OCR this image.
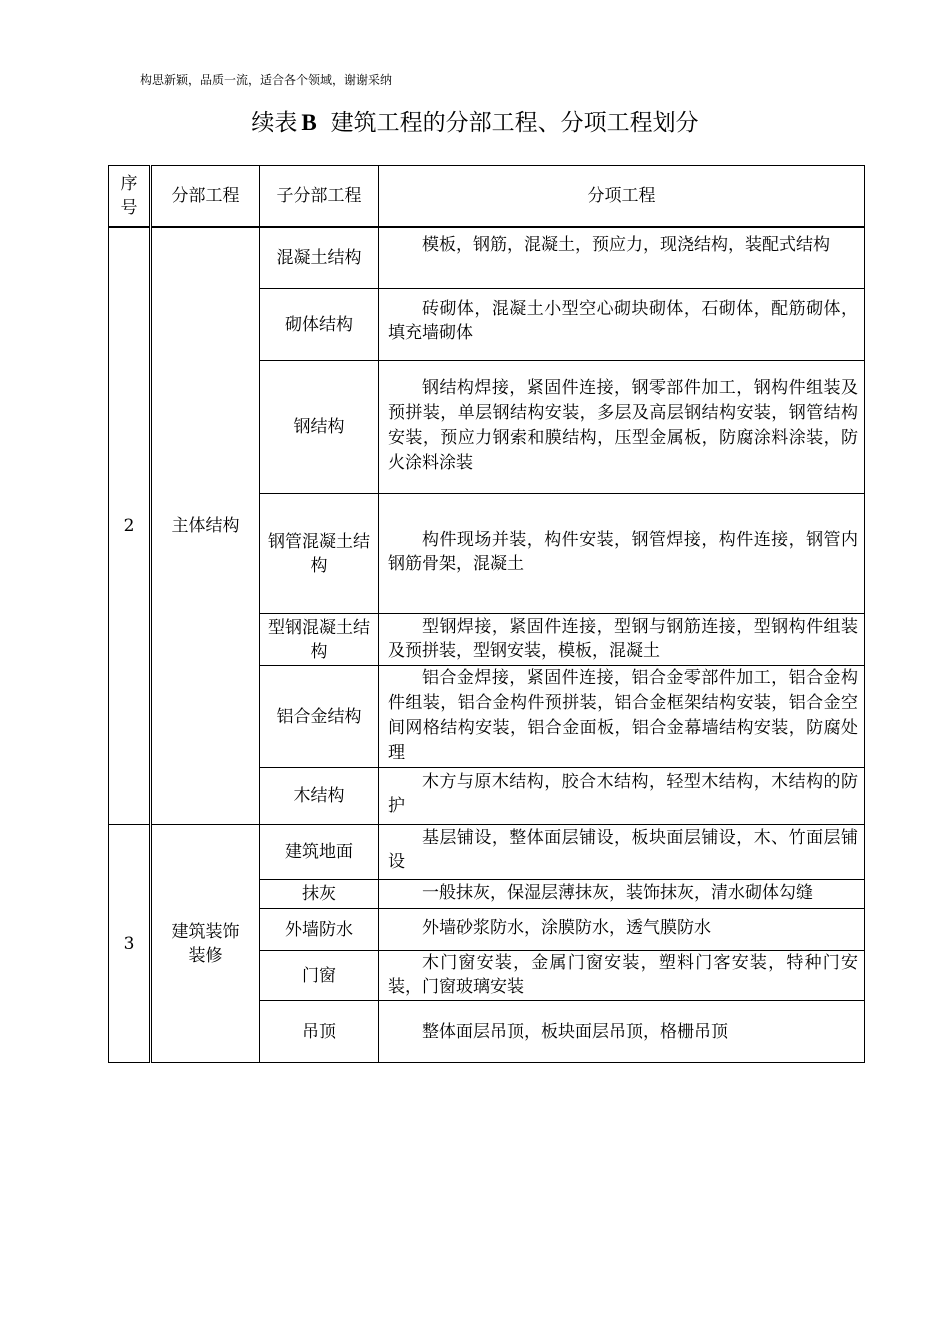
构思新颖，品质一流，适合各个领域，谢谢采纳
续表 B 建筑工程的分部工程、分项工程划分
序号	分部工程	子分部工程	分项工程
2	主体结构	混凝土结构	模板，钢筋，混凝土，预应力，现浇结构，装配式结构

		砌体结构	砖砌体，混凝土小型空心砌块砌体，石砌体，配筋砌体，填充墙砌体

		钢结构	钢结构焊接，紧固件连接，钢零部件加工，钢构件组装及预拼装，单层钢结构安装，多层及高层钢结构安装，钢管结构安装，预应力钢索和膜结构，压型金属板，防腐涂料涂装，防火涂料涂装

		钢管混凝土结构	构件现场并装，构件安装，钢管焊接，构件连接，钢管内钢筋骨架，混凝土

		型钢混凝土结构	型钢焊接，紧固件连接，型钢与钢筋连接，型钢构件组装及预拼装，型钢安装，模板，混凝土

		铝合金结构	铝合金焊接，紧固件连接，铝合金零部件加工，铝合金构件组装，铝合金构件预拼装，铝合金框架结构安装，铝合金空间网格结构安装，铝合金面板，铝合金幕墙结构安装，防腐处理

		木结构	木方与原木结构，胶合木结构，轻型木结构，木结构的防护

3	建筑装饰装修	建筑地面	基层铺设，整体面层铺设，板块面层铺设，木、竹面层铺设

		抹灰	一般抹灰，保湿层薄抹灰，装饰抹灰，清水砌体勾缝

		外墙防水	外墙砂浆防水，涂膜防水，透气膜防水

		门窗	木门窗安装，金属门窗安装，塑料门客安装，特种门安装，门窗玻璃安装

		吊顶	整体面层吊顶，板块面层吊顶，格栅吊顶
